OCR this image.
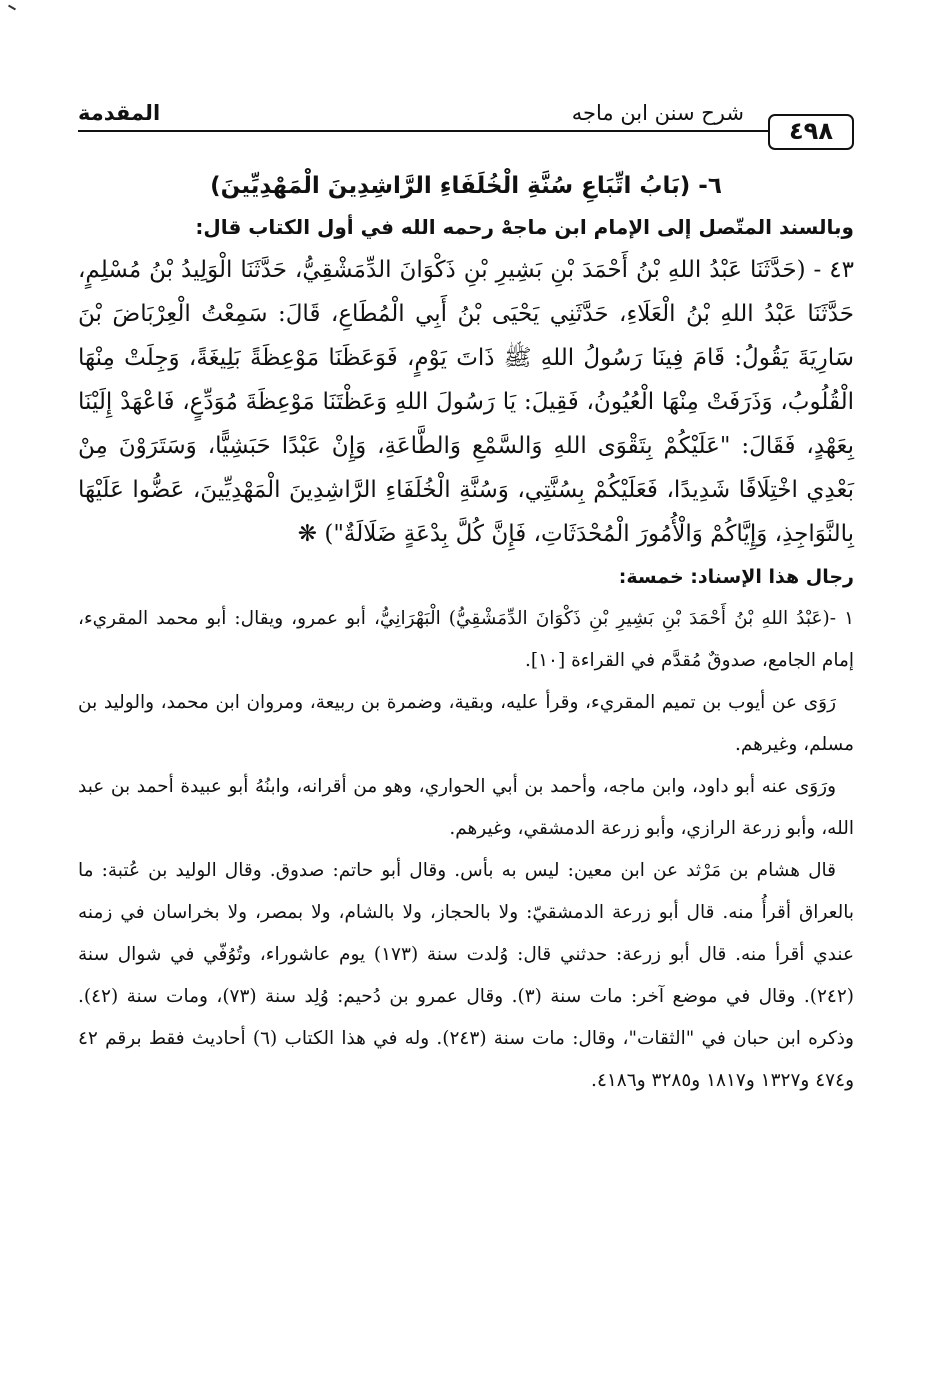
٤٩٨
شرح سنن ابن ماجه
المقدمة

٦- (بَابُ اتِّبَاعِ سُنَّةِ الْخُلَفَاءِ الرَّاشِدِينَ الْمَهْدِيِّينَ)

وبالسند المتّصل إلى الإمام ابن ماجهْ رحمه الله في أول الكتاب قال:

٤٣ - (حَدَّثَنَا عَبْدُ اللهِ بْنُ أَحْمَدَ بْنِ بَشِيرِ بْنِ ذَكْوَانَ الدِّمَشْقِيُّ، حَدَّثَنَا الْوَلِيدُ بْنُ مُسْلِمٍ، حَدَّثَنَا عَبْدُ اللهِ بْنُ الْعَلَاءِ، حَدَّثَنِي يَحْيَى بْنُ أَبِي الْمُطَاعِ، قَالَ: سَمِعْتُ الْعِرْبَاضَ بْنَ سَارِيَةَ يَقُولُ: قَامَ فِينَا رَسُولُ اللهِ ﷺ ذَاتَ يَوْمٍ، فَوَعَظَنَا مَوْعِظَةً بَلِيغَةً، وَجِلَتْ مِنْهَا الْقُلُوبُ، وَذَرَفَتْ مِنْهَا الْعُيُونُ، فَقِيلَ: يَا رَسُولَ اللهِ وَعَظْتَنَا مَوْعِظَةَ مُوَدِّعٍ، فَاعْهَدْ إِلَيْنَا بِعَهْدٍ، فَقَالَ: "عَلَيْكُمْ بِتَقْوَى اللهِ وَالسَّمْعِ وَالطَّاعَةِ، وَإِنْ عَبْدًا حَبَشِيًّا، وَسَتَرَوْنَ مِنْ بَعْدِي اخْتِلَافًا شَدِيدًا، فَعَلَيْكُمْ بِسُنَّتِي، وَسُنَّةِ الْخُلَفَاءِ الرَّاشِدِينَ الْمَهْدِيِّينَ، عَضُّوا عَلَيْهَا بِالنَّوَاجِذِ، وَإِيَّاكُمْ وَالْأُمُورَ الْمُحْدَثَاتِ، فَإِنَّ كُلَّ بِدْعَةٍ ضَلَالَةٌ") ❋

رجال هذا الإسناد: خمسة:

١ -(عَبْدُ اللهِ بْنُ أَحْمَدَ بْنِ بَشِيرِ بْنِ ذَكْوَانَ الدِّمَشْقِيُّ) الْبَهْرَانِيُّ، أبو عمرو، ويقال: أبو محمد المقريء، إمام الجامع، صدوقٌ مُقدَّم في القراءة [١٠].

رَوَى عن أيوب بن تميم المقريء، وقرأ عليه، وبقية، وضمرة بن ربيعة، ومروان ابن محمد، والوليد بن مسلم، وغيرهم.

ورَوَى عنه أبو داود، وابن ماجه، وأحمد بن أبي الحواري، وهو من أقرانه، وابنُهُ أبو عبيدة أحمد بن عبد الله، وأبو زرعة الرازي، وأبو زرعة الدمشقي، وغيرهم.

قال هشام بن مَرْثد عن ابن معين: ليس به بأس. وقال أبو حاتم: صدوق. وقال الوليد بن عُتبة: ما بالعراق أقرأُ منه. قال أبو زرعة الدمشقيّ: ولا بالحجاز، ولا بالشام، ولا بمصر، ولا بخراسان في زمنه عندي أقرأ منه. قال أبو زرعة: حدثني قال: وُلدت سنة (١٧٣) يوم عاشوراء، وتُوُفّي في شوال سنة (٢٤٢). وقال في موضع آخر: مات سنة (٣). وقال عمرو بن دُحيم: وُلِد سنة (٧٣)، ومات سنة (٤٢). وذكره ابن حبان في "الثقات"، وقال: مات سنة (٢٤٣). وله في هذا الكتاب (٦) أحاديث فقط برقم ٤٢ و٤٧٤ و١٣٢٧ و١٨١٧ و٣٢٨٥ و٤١٨٦.
